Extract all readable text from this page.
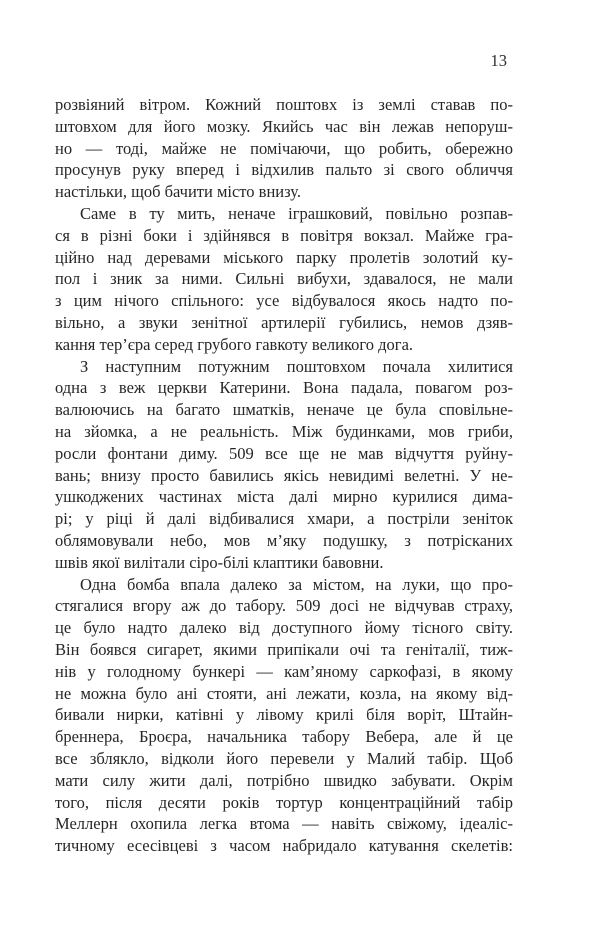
13
розвіяний вітром. Кожний поштовх із землі ставав по-
штовхом для його мозку. Якийсь час він лежав непоруш-
но — тоді, майже не помічаючи, що робить, обережно
просунув руку вперед і відхилив пальто зі свого обличчя
настільки, щоб бачити місто внизу.
Саме в ту мить, неначе іграшковий, повільно розпав-
ся в різні боки і здійнявся в повітря вокзал. Майже гра-
ційно над деревами міського парку пролетів золотий ку-
пол і зник за ними. Сильні вибухи, здавалося, не мали
з цим нічого спільного: усе відбувалося якось надто по-
вільно, а звуки зенітної артилерії губились, немов дзяв-
кання тер’єра серед грубого гавкоту великого дога.
З наступним потужним поштовхом почала хилитися
одна з веж церкви Катерини. Вона падала, повагом роз-
валюючись на багато шматків, неначе це була сповільне-
на зйомка, а не реальність. Між будинками, мов гриби,
росли фонтани диму. 509 все ще не мав відчуття руйну-
вань; внизу просто бавились якісь невидимі велетні. У не-
ушкоджених частинах міста далі мирно курилися дима-
рі; у ріці й далі відбивалися хмари, а постріли зеніток
облямовували небо, мов м’яку подушку, з потрісканих
швів якої вилітали сіро-білі клаптики бавовни.
Одна бомба впала далеко за містом, на луки, що про-
стягалися вгору аж до табору. 509 досі не відчував страху,
це було надто далеко від доступного йому тісного світу.
Він боявся сигарет, якими припікали очі та геніталії, тиж-
нів у голодному бункері — кам’яному саркофазі, в якому
не можна було ані стояти, ані лежати, козла, на якому від-
бивали нирки, катівні у лівому крилі біля воріт, Штайн-
бреннера, Броєра, начальника табору Вебера, але й це
все зблякло, відколи його перевели у Малий табір. Щоб
мати силу жити далі, потрібно швидко забувати. Окрім
того, після десяти років тортур концентраційний табір
Меллерн охопила легка втома — навіть свіжому, ідеаліс-
тичному есесівцеві з часом набридало катування скелетів:
